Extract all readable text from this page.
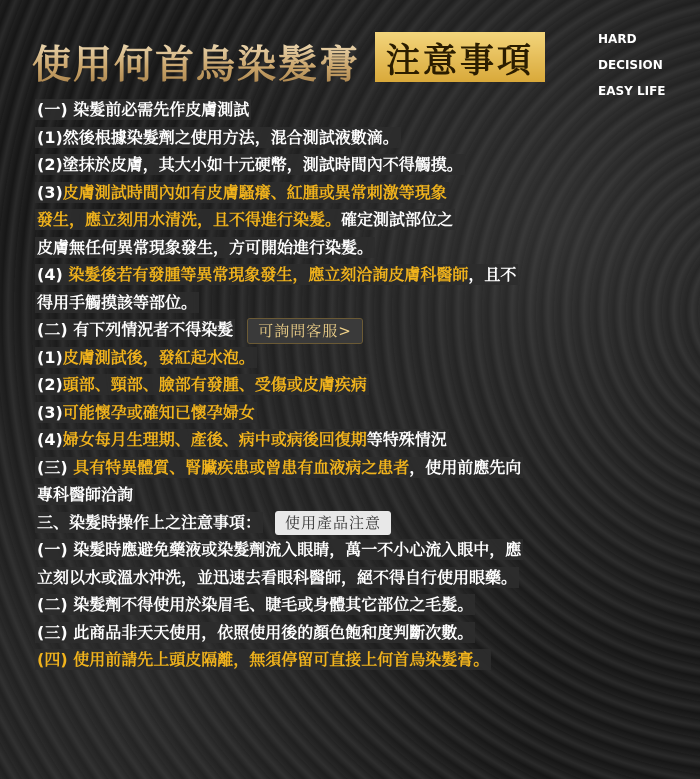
使用何首烏染髮膏 注意事項
HARD
DECISION
EASY LIFE
(一) 染髮前必需先作皮膚測試
(1)然後根據染髮劑之使用方法，混合測試液數滴。
(2)塗抹於皮膚，其大小如十元硬幣，測試時間內不得觸摸。
(3)皮膚測試時間內如有皮膚騷癢、紅腫或異常刺激等現象
發生，應立刻用水清洗，且不得進行染髮。確定測試部位之
皮膚無任何異常現象發生，方可開始進行染髮。
(4) 染髮後若有發腫等異常現象發生，應立刻洽詢皮膚科醫師，且不
得用手觸摸該等部位。
(二) 有下列情況者不得染髮 可詢問客服>
(1)皮膚測試後，發紅起水泡。
(2)頭部、頸部、臉部有發腫、受傷或皮膚疾病
(3)可能懷孕或確知已懷孕婦女
(4)婦女每月生理期、產後、病中或病後回復期等特殊情況
(三) 具有特異體質、腎臟疾患或曾患有血液病之患者，使用前應先向
專科醫師洽詢
三、染髮時操作上之注意事項： 使用產品注意
(一) 染髮時應避免藥液或染髮劑流入眼睛，萬一不小心流入眼中，應
立刻以水或溫水沖洗，並迅速去看眼科醫師，絕不得自行使用眼藥。
(二) 染髮劑不得使用於染眉毛、睫毛或身體其它部位之毛髮。
(三) 此商品非天天使用，依照使用後的顏色飽和度判斷次數。
(四) 使用前請先上頭皮隔離，無須停留可直接上何首烏染髮膏。
